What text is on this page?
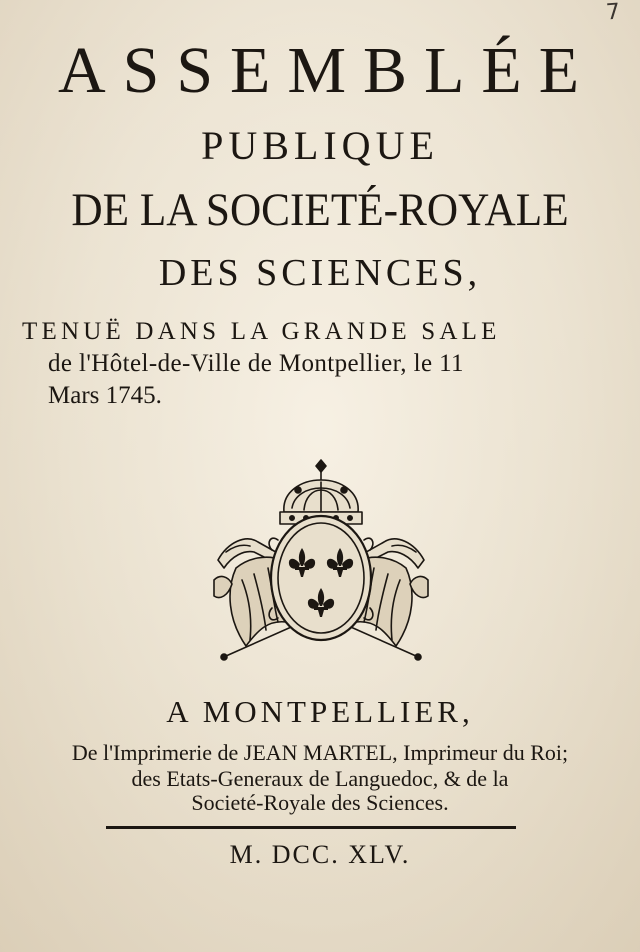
7
ASSEMBLÉE
PUBLIQUE
DE LA SOCIETÉ-ROYALE
DES SCIENCES,
TENUË DANS LA GRANDE SALE
de l'Hôtel-de-Ville de Montpellier, le 11
Mars 1745.
A MONTPELLIER,
De l'Imprimerie de JEAN MARTEL, Imprimeur du Roi;
des Etats-Generaux de Languedoc, & de la
Societé-Royale des Sciences.
M. DCC. XLV.
